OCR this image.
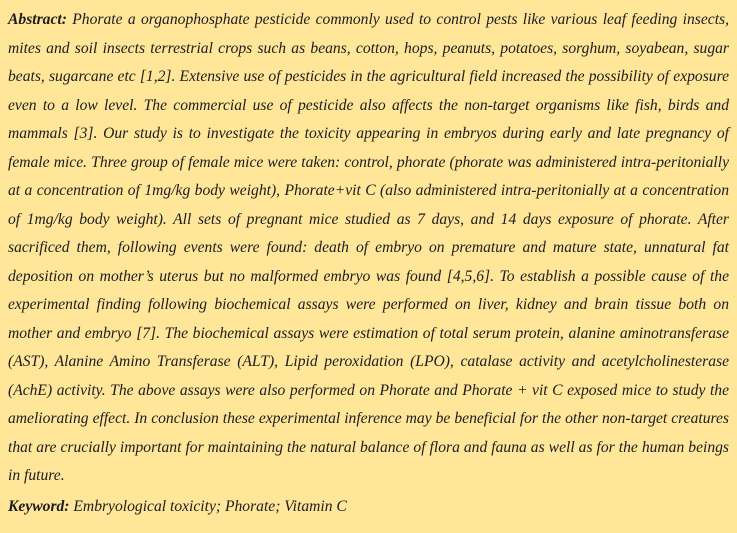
Abstract: Phorate a organophosphate pesticide commonly used to control pests like various leaf feeding insects, mites and soil insects terrestrial crops such as beans, cotton, hops, peanuts, potatoes, sorghum, soyabean, sugar beats, sugarcane etc [1,2]. Extensive use of pesticides in the agricultural field increased the possibility of exposure even to a low level. The commercial use of pesticide also affects the non-target organisms like fish, birds and mammals [3]. Our study is to investigate the toxicity appearing in embryos during early and late pregnancy of female mice. Three group of female mice were taken: control, phorate (phorate was administered intra-peritonially at a concentration of 1mg/kg body weight), Phorate+vit C (also administered intra-peritonially at a concentration of 1mg/kg body weight). All sets of pregnant mice studied as 7 days, and 14 days exposure of phorate. After sacrificed them, following events were found: death of embryo on premature and mature state, unnatural fat deposition on mother’s uterus but no malformed embryo was found [4,5,6]. To establish a possible cause of the experimental finding following biochemical assays were performed on liver, kidney and brain tissue both on mother and embryo [7]. The biochemical assays were estimation of total serum protein, alanine aminotransferase (AST), Alanine Amino Transferase (ALT), Lipid peroxidation (LPO), catalase activity and acetylcholinesterase (AchE) activity. The above assays were also performed on Phorate and Phorate + vit C exposed mice to study the ameliorating effect. In conclusion these experimental inference may be beneficial for the other non-target creatures that are crucially important for maintaining the natural balance of flora and fauna as well as for the human beings in future.

Keyword: Embryological toxicity; Phorate; Vitamin C
